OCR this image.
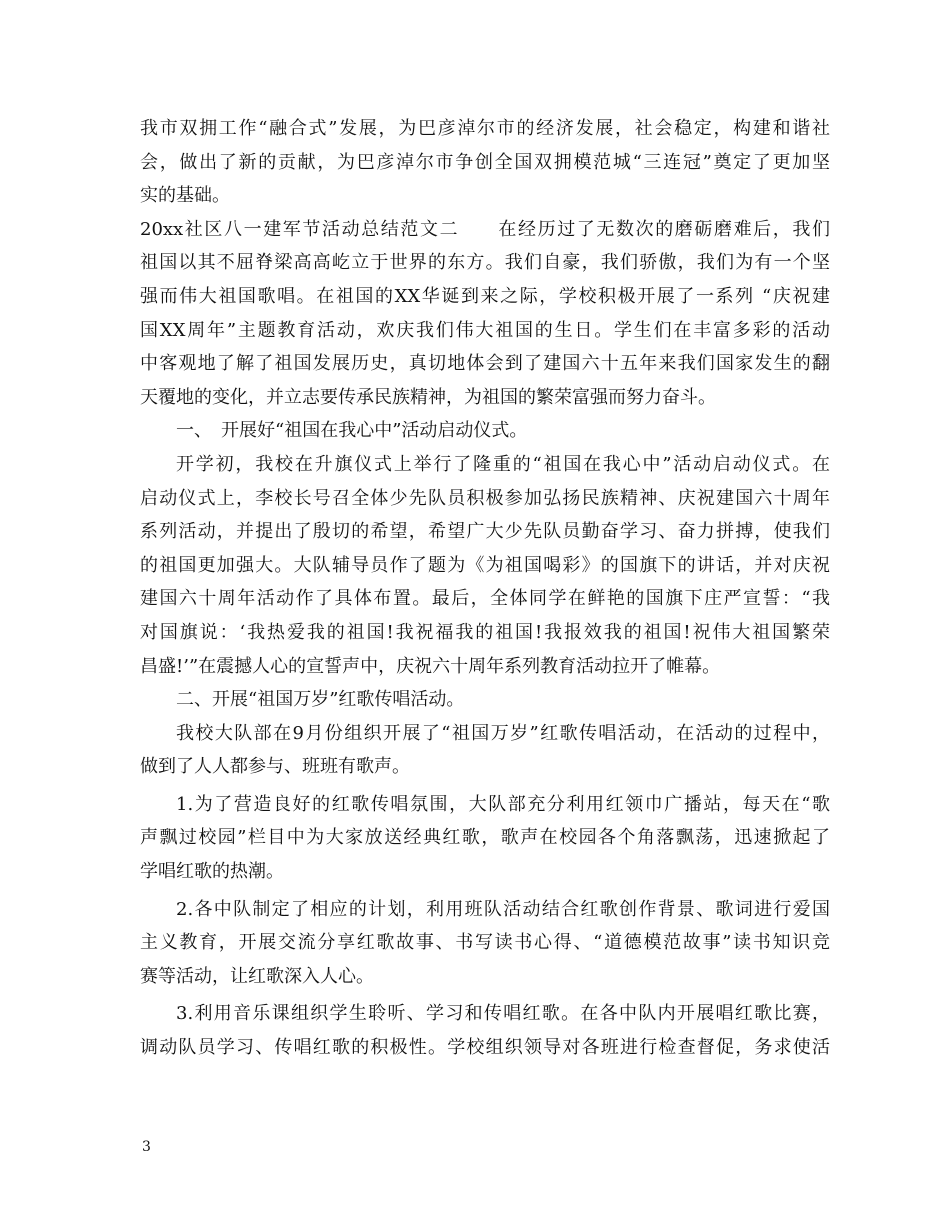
我市双拥工作“融合式”发展，为巴彦淖尔市的经济发展，社会稳定，构建和谐社
会，做出了新的贡献，为巴彦淖尔市争创全国双拥模范城“三连冠”奠定了更加坚
实的基础。
20xx社区八一建军节活动总结范文二　　在经历过了无数次的磨砺磨难后，我们
祖国以其不屈脊梁高高屹立于世界的东方。我们自豪，我们骄傲，我们为有一个坚
强而伟大祖国歌唱。在祖国的XX华诞到来之际，学校积极开展了一系列 “庆祝建
国XX周年”主题教育活动，欢庆我们伟大祖国的生日。学生们在丰富多彩的活动
中客观地了解了祖国发展历史，真切地体会到了建国六十五年来我们国家发生的翻
天覆地的变化，并立志要传承民族精神，为祖国的繁荣富强而努力奋斗。
一、　开展好“祖国在我心中”活动启动仪式。
开学初，我校在升旗仪式上举行了隆重的“祖国在我心中”活动启动仪式。在
启动仪式上，李校长号召全体少先队员积极参加弘扬民族精神、庆祝建国六十周年
系列活动，并提出了殷切的希望，希望广大少先队员勤奋学习、奋力拼搏，使我们
的祖国更加强大。大队辅导员作了题为《为祖国喝彩》的国旗下的讲话，并对庆祝
建国六十周年活动作了具体布置。最后，全体同学在鲜艳的国旗下庄严宣誓：“我
对国旗说：‘我热爱我的祖国!我祝福我的祖国!我报效我的祖国!祝伟大祖国繁荣
昌盛!’”在震撼人心的宣誓声中，庆祝六十周年系列教育活动拉开了帷幕。
二、开展“祖国万岁”红歌传唱活动。
我校大队部在9月份组织开展了“祖国万岁”红歌传唱活动，在活动的过程中，
做到了人人都参与、班班有歌声。
1.为了营造良好的红歌传唱氛围，大队部充分利用红领巾广播站，每天在“歌
声飘过校园”栏目中为大家放送经典红歌，歌声在校园各个角落飘荡，迅速掀起了
学唱红歌的热潮。
2.各中队制定了相应的计划，利用班队活动结合红歌创作背景、歌词进行爱国
主义教育，开展交流分享红歌故事、书写读书心得、“道德模范故事”读书知识竞
赛等活动，让红歌深入人心。
3.利用音乐课组织学生聆听、学习和传唱红歌。在各中队内开展唱红歌比赛，
调动队员学习、传唱红歌的积极性。学校组织领导对各班进行检查督促，务求使活
3
